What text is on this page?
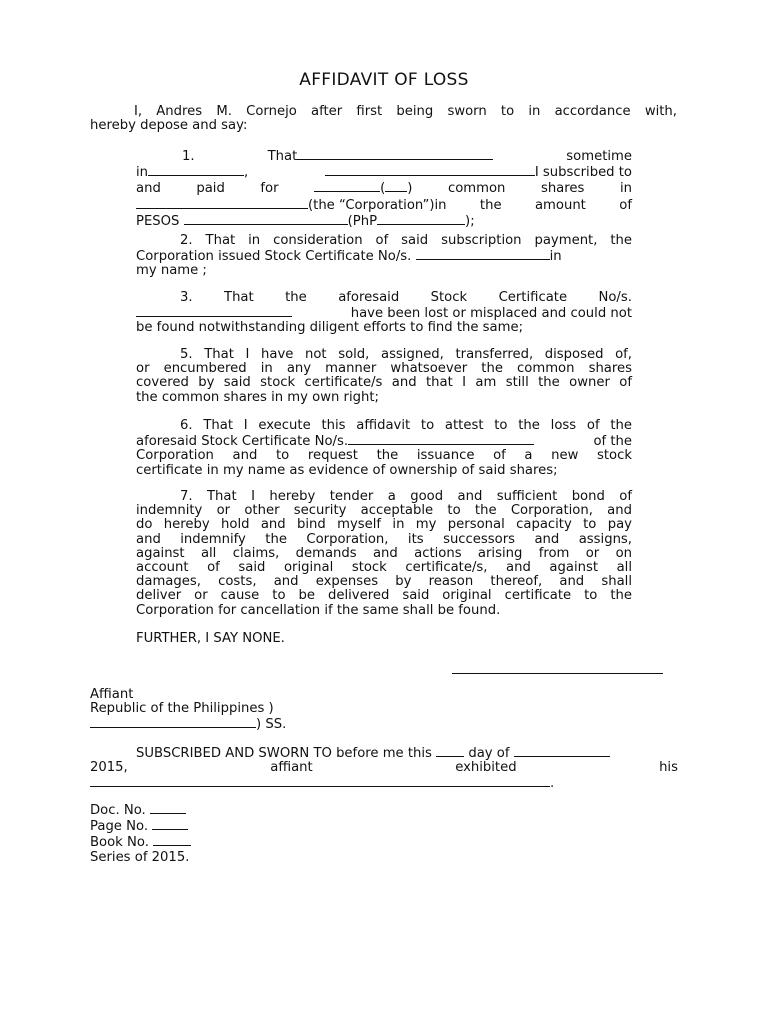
AFFIDAVIT OF LOSS
I, Andres M. Cornejo after first being sworn to in accordance with,
hereby depose and say:
1.	That	sometime
in	,	I subscribed to
and	paid	for	( )	common	shares	in
(the “Corporation”)in	the	amount	of
PESOS	(PhP	);
2. That in consideration of said subscription payment, the
Corporation issued Stock Certificate No/s.	in
my name ;
3. That the aforesaid Stock Certificate No/s.
have been lost or misplaced and could not
be found notwithstanding diligent efforts to find the same;
5. That I have not sold, assigned, transferred, disposed of,
or encumbered in any manner whatsoever the common shares
covered by said stock certificate/s and that I am still the owner of
the common shares in my own right;
6. That I execute this affidavit to attest to the loss of the
aforesaid Stock Certificate No/s.	of the
Corporation and to request the issuance of a new stock
certificate in my name as evidence of ownership of said shares;
7. That I hereby tender a good and sufficient bond of
indemnity or other security acceptable to the Corporation, and
do hereby hold and bind myself in my personal capacity to pay
and indemnify the Corporation, its successors and assigns,
against all claims, demands and actions arising from or on
account of said original stock certificate/s, and against all
damages, costs, and expenses by reason thereof, and shall
deliver or cause to be delivered said original certificate to the
Corporation for cancellation if the same shall be found.
FURTHER, I SAY NONE.
Affiant
Republic of the Philippines )
) SS.
SUBSCRIBED AND SWORN TO before me this	day of
2015,	affiant	exhibited	his
.
Doc. No.
Page No.
Book No.
Series of 2015.
